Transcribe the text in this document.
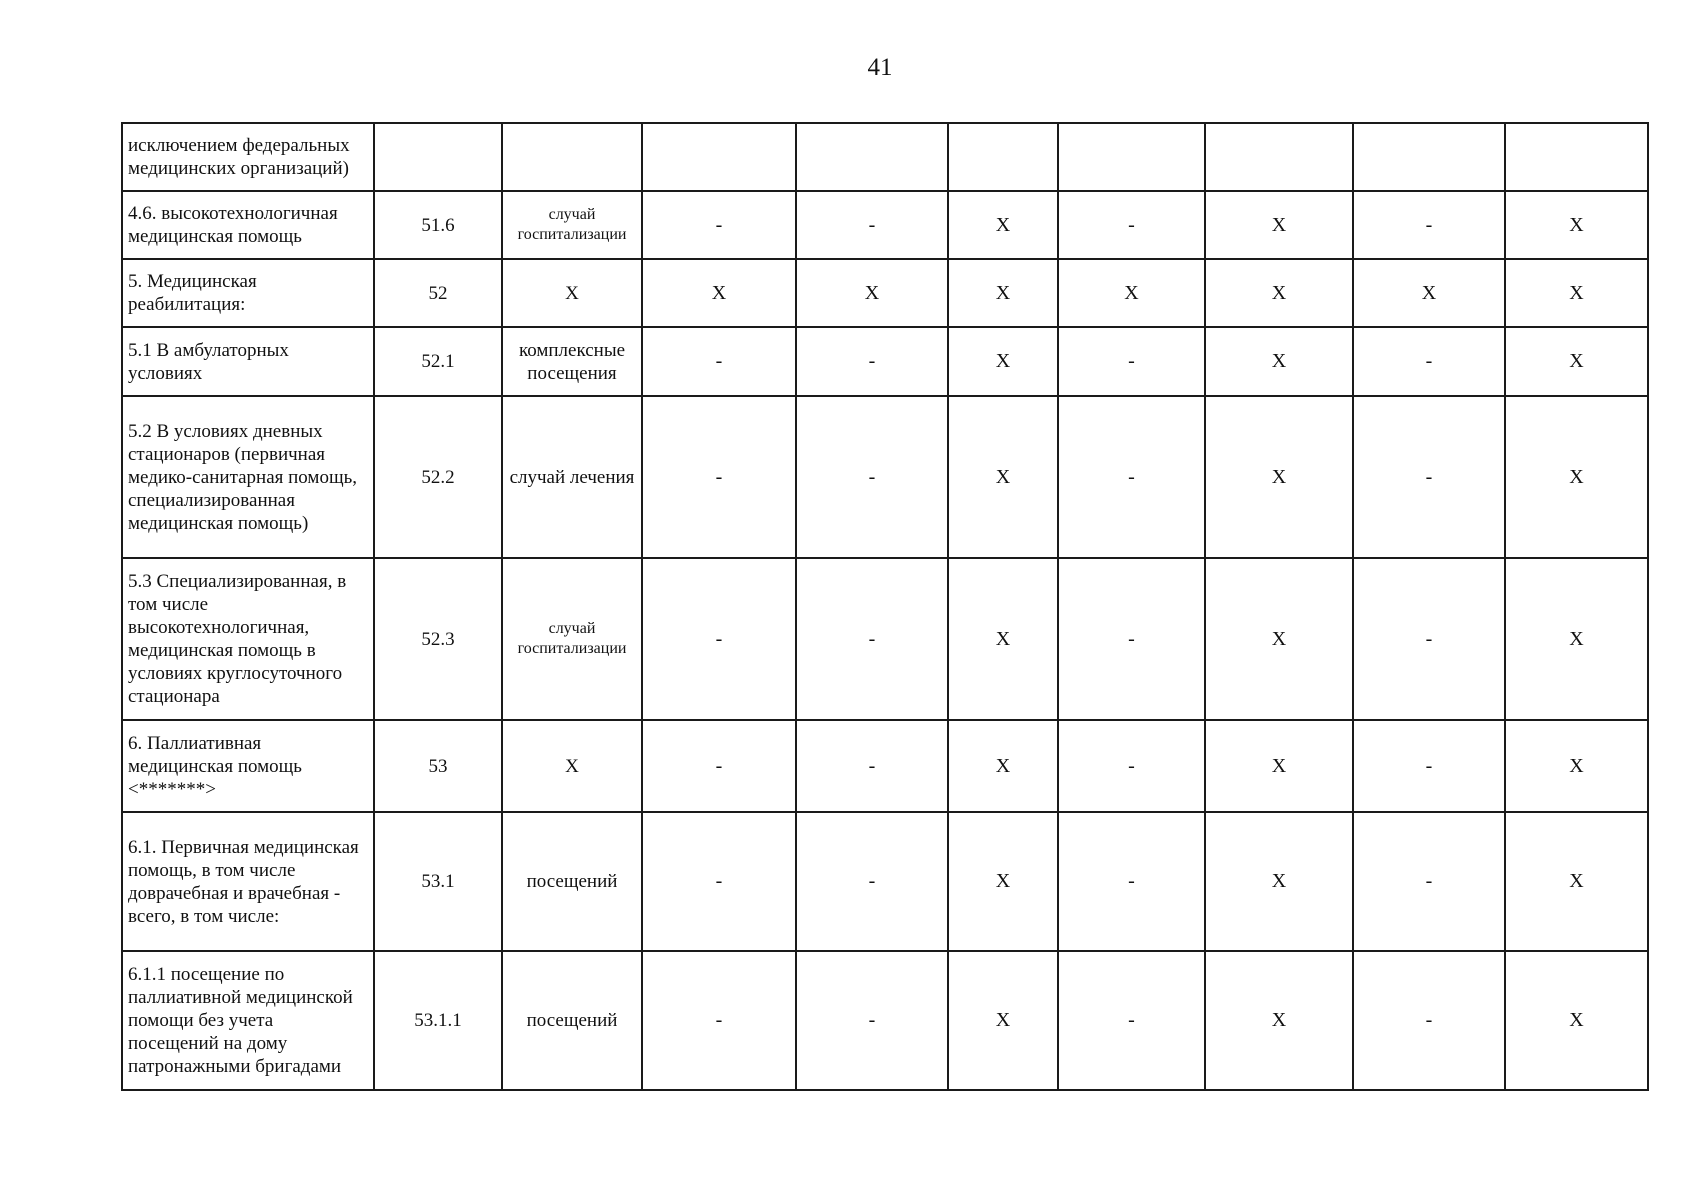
41
исключением федеральных медицинских организаций)									
4.6. высокотехнологичная медицинская помощь	51.6	случай госпитализации	-	-	X	-	X	-	X
5. Медицинская реабилитация:	52	X	X	X	X	X	X	X	X
5.1 В амбулаторных условиях	52.1	комплексные посещения	-	-	X	-	X	-	X
5.2 В условиях дневных стационаров (первичная медико-санитарная помощь, специализированная медицинская помощь)	52.2	случай лечения	-	-	X	-	X	-	X
5.3 Специализированная, в том числе высокотехнологичная, медицинская помощь в условиях круглосуточного стационара	52.3	случай госпитализации	-	-	X	-	X	-	X
6. Паллиативная медицинская помощь <*******>	53	X	-	-	X	-	X	-	X
6.1. Первичная медицинская помощь, в том числе доврачебная и врачебная - всего, в том числе:	53.1	посещений	-	-	X	-	X	-	X
6.1.1 посещение по паллиативной медицинской помощи без учета посещений на дому патронажными бригадами	53.1.1	посещений	-	-	X	-	X	-	X
